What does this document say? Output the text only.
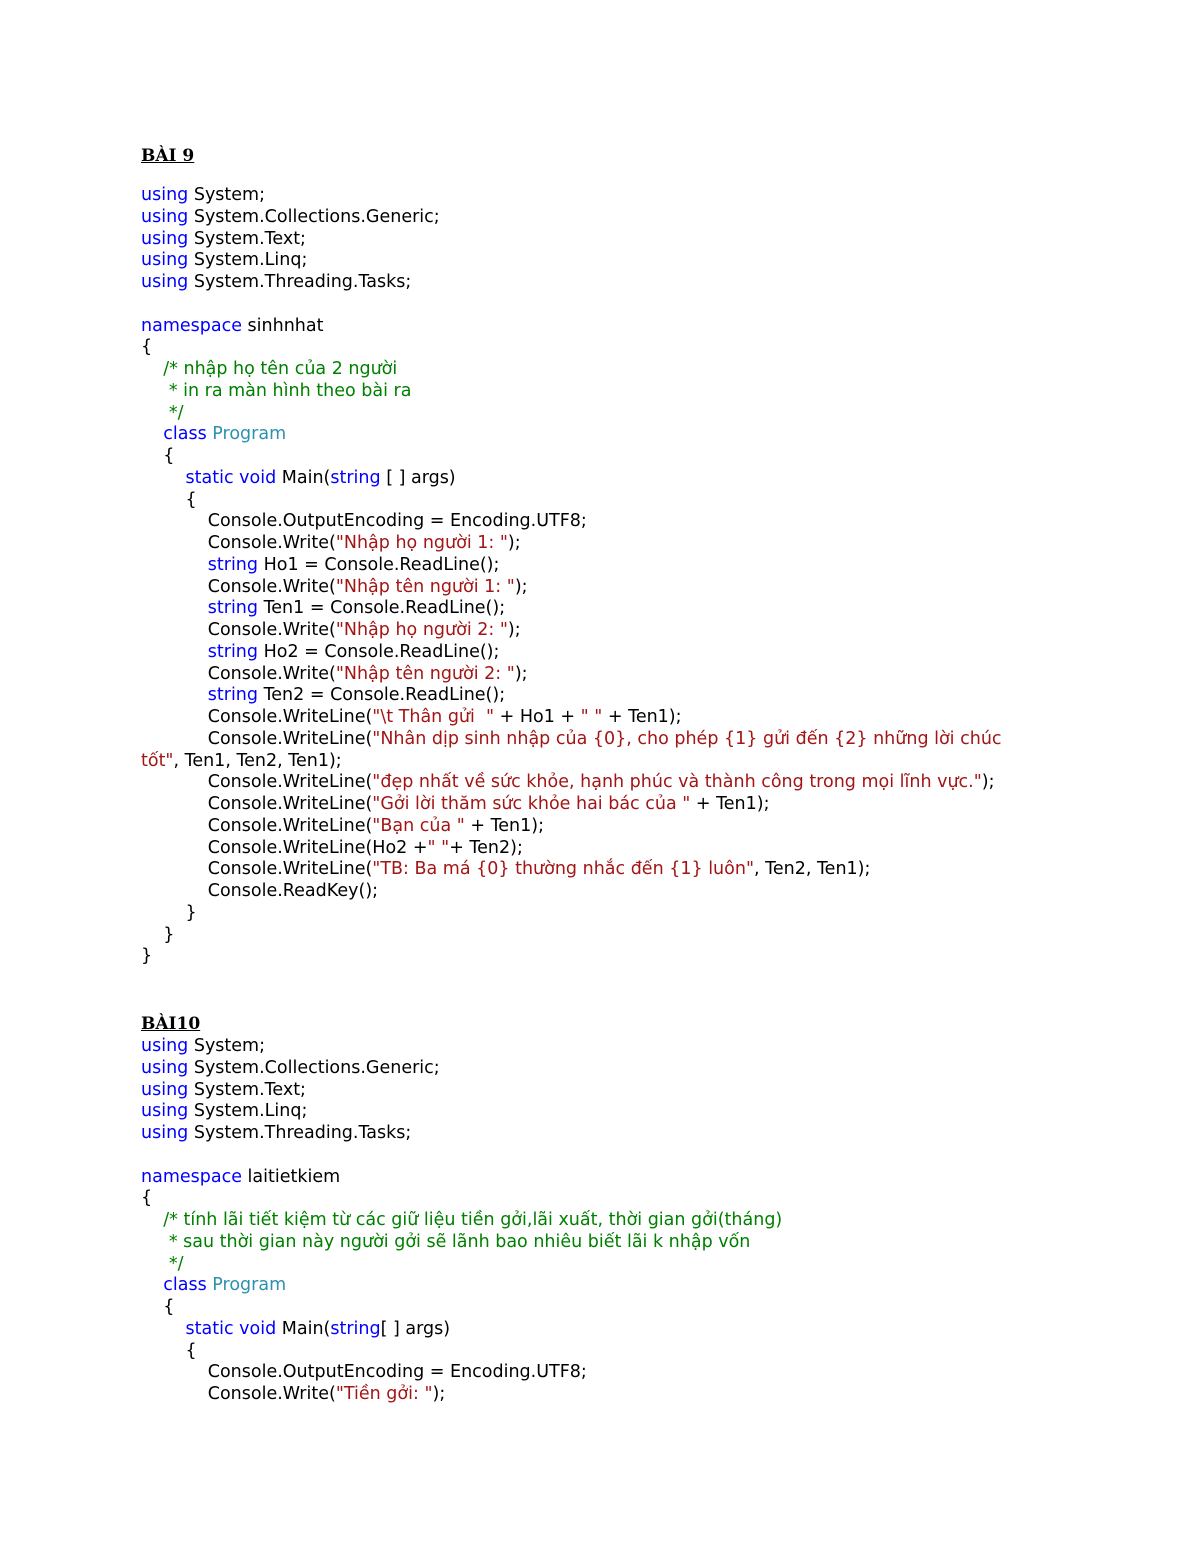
BÀI 9
using System;
using System.Collections.Generic;
using System.Text;
using System.Linq;
using System.Threading.Tasks;
namespace sinhnhat
{
/* nhập họ tên của 2 người
* in ra màn hình theo bài ra
*/
class Program
{
static void Main(string [ ] args)
{
Console.OutputEncoding = Encoding.UTF8;
Console.Write("Nhập họ người 1: ");
string Ho1 = Console.ReadLine();
Console.Write("Nhập tên người 1: ");
string Ten1 = Console.ReadLine();
Console.Write("Nhập họ người 2: ");
string Ho2 = Console.ReadLine();
Console.Write("Nhập tên người 2: ");
string Ten2 = Console.ReadLine();
Console.WriteLine("\t Thân gửi  " + Ho1 + " " + Ten1);
Console.WriteLine("Nhân dịp sinh nhập của {0}, cho phép {1} gửi đến {2} những lời chúc
tốt", Ten1, Ten2, Ten1);
Console.WriteLine("đẹp nhất về sức khỏe, hạnh phúc và thành công trong mọi lĩnh vực.");
Console.WriteLine("Gởi lời thăm sức khỏe hai bác của " + Ten1);
Console.WriteLine("Bạn của " + Ten1);
Console.WriteLine(Ho2 +" "+ Ten2);
Console.WriteLine("TB: Ba má {0} thường nhắc đến {1} luôn", Ten2, Ten1);
Console.ReadKey();
}
}
}
BÀI10
using System;
using System.Collections.Generic;
using System.Text;
using System.Linq;
using System.Threading.Tasks;
namespace laitietkiem
{
/* tính lãi tiết kiệm từ các giữ liệu tiền gởi,lãi xuất, thời gian gởi(tháng)
* sau thời gian này người gởi sẽ lãnh bao nhiêu biết lãi k nhập vốn
*/
class Program
{
static void Main(string[ ] args)
{
Console.OutputEncoding = Encoding.UTF8;
Console.Write("Tiền gởi: ");
